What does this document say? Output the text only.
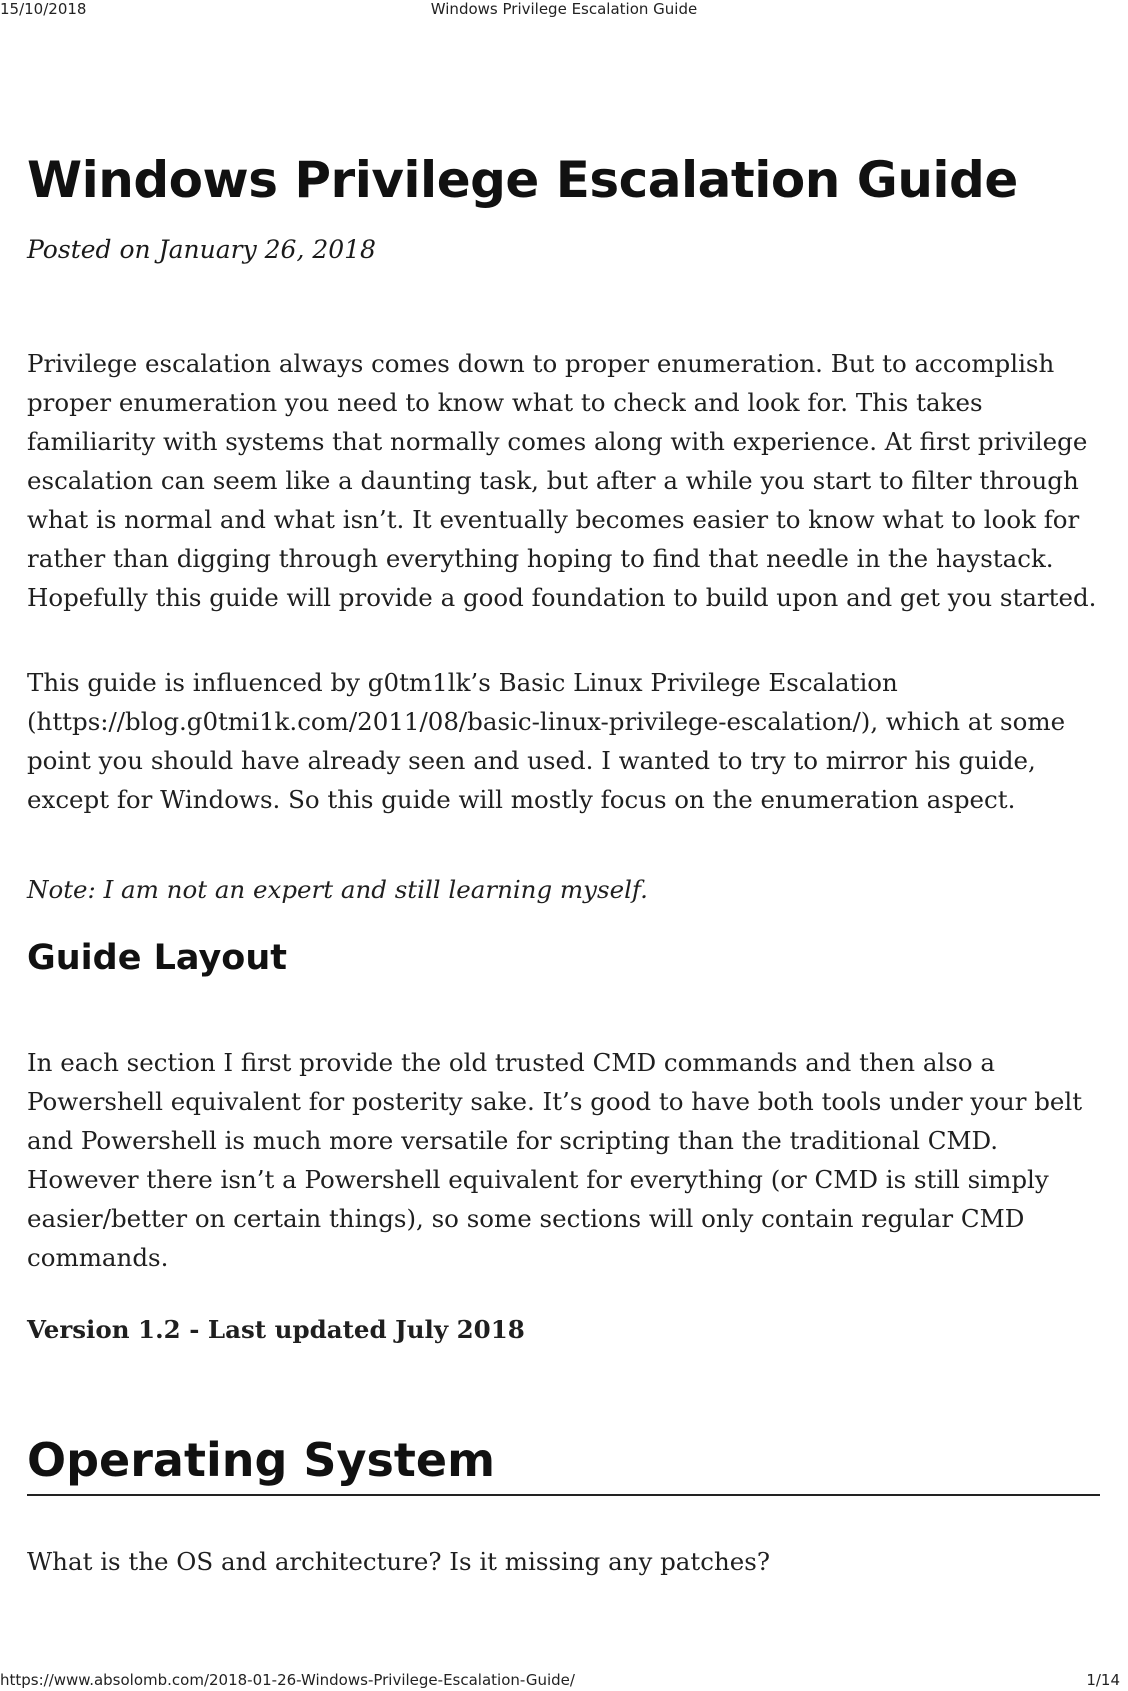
15/10/2018	Windows Privilege Escalation Guide
Windows Privilege Escalation Guide

Posted on January 26, 2018

Privilege escalation always comes down to proper enumeration. But to accomplish proper enumeration you need to know what to check and look for. This takes familiarity with systems that normally comes along with experience. At first privilege escalation can seem like a daunting task, but after a while you start to filter through what is normal and what isn’t. It eventually becomes easier to know what to look for rather than digging through everything hoping to find that needle in the haystack. Hopefully this guide will provide a good foundation to build upon and get you started.

This guide is influenced by g0tm1lk’s Basic Linux Privilege Escalation (https://blog.g0tmi1k.com/2011/08/basic-linux-privilege-escalation/), which at some point you should have already seen and used. I wanted to try to mirror his guide, except for Windows. So this guide will mostly focus on the enumeration aspect.

Note: I am not an expert and still learning myself.

Guide Layout

In each section I first provide the old trusted CMD commands and then also a Powershell equivalent for posterity sake. It’s good to have both tools under your belt and Powershell is much more versatile for scripting than the traditional CMD. However there isn’t a Powershell equivalent for everything (or CMD is still simply easier/better on certain things), so some sections will only contain regular CMD commands.

Version 1.2 - Last updated July 2018

Operating System

What is the OS and architecture? Is it missing any patches?

https://www.absolomb.com/2018-01-26-Windows-Privilege-Escalation-Guide/	1/14
